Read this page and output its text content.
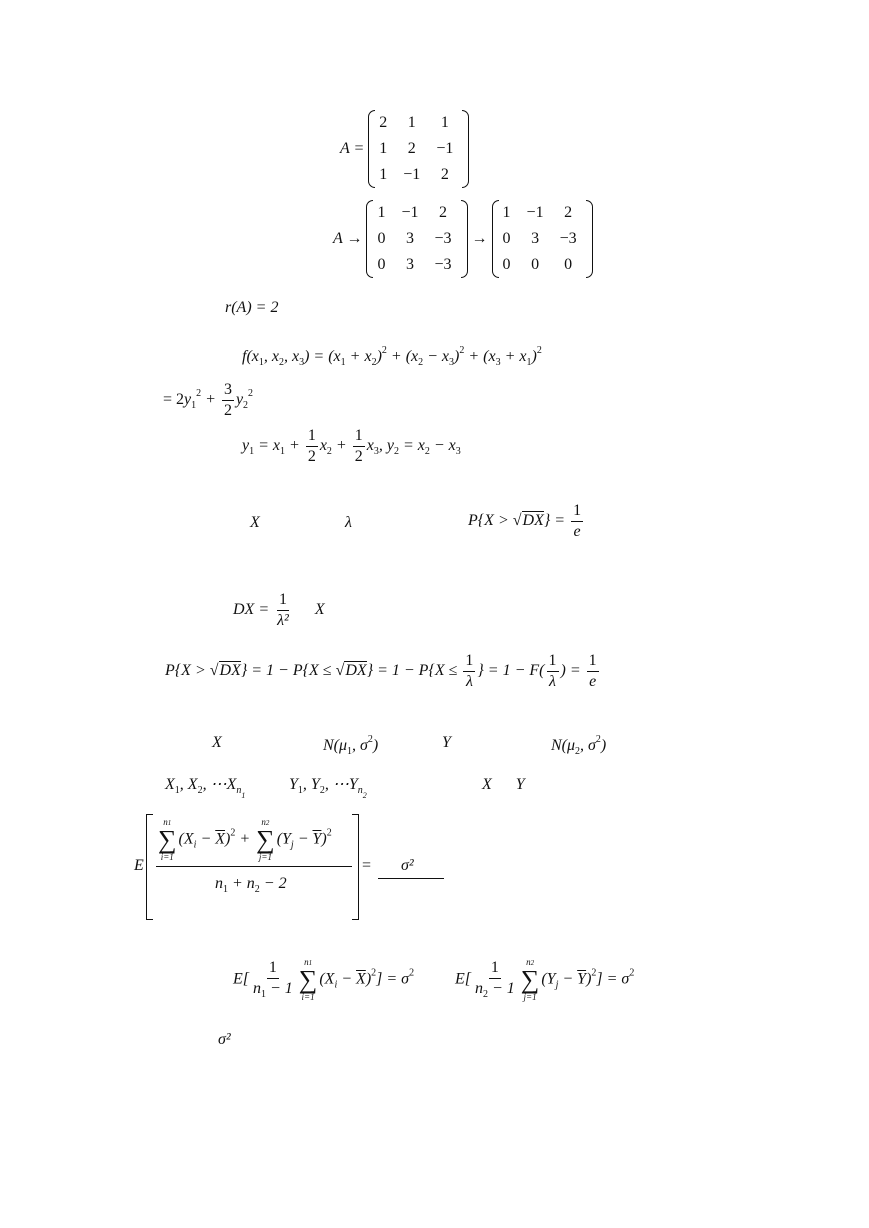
A =
2	1	1
1	2	−1
1	−1	2
A →
1	−1	2
0	3	−3
0	3	−3
→
1	−1	2
0	3	−3
0	0	0
r(A) = 2
$f(x_1$, $x_2$, $x_3) = (x_1 + x_2)^2 + (x_2 - x_3)^2 + (x_3 + x_1)^2$
= $2y_1^2 + \frac{3}{2} y_2^2$
$y_1 = x_1 + \frac{1}{2} x_2 + \frac{1}{2} x_3$, $y_2 = x_2 - x_3$
X	λ	$P\{X > √DX\} = \frac{1}{e}$
DX = $\frac{1}{\text{λ²}}$ X
$P\{X > √DX\} = 1 - P\{X \le √DX\} = 1 - P\{X \le \frac{1}{\lambda}$ } = $1 - F( \frac{1}{\lambda}$ ) = $\frac{1}{e}$
X	$N(\mu_1$, $\sigma^2$)	Y	$N(\mu_2$, $\sigma^2$)
$X_1$, $X_2$, $\cdots X_{n_1}$
$Y_1$, $Y_2$, $\cdots Y_{n_2}$
X Y
E
n1
∑
i=1
$(X_i - \overline{X})^2$ +
n2
∑
j=1
$(Y_j - \overline{Y})^2$
$n_1 + n_2 - 2$
= σ²
$E[ \frac{1}{n_1 - 1} n1$
∑
i=1
$(X_i - \overline{X})^2] = \sigma^2$	$E[ \frac{1}{n_2 - 1} n2$
∑
j=1
$(Y_j - \overline{Y})^2] = \sigma^2$
σ²
